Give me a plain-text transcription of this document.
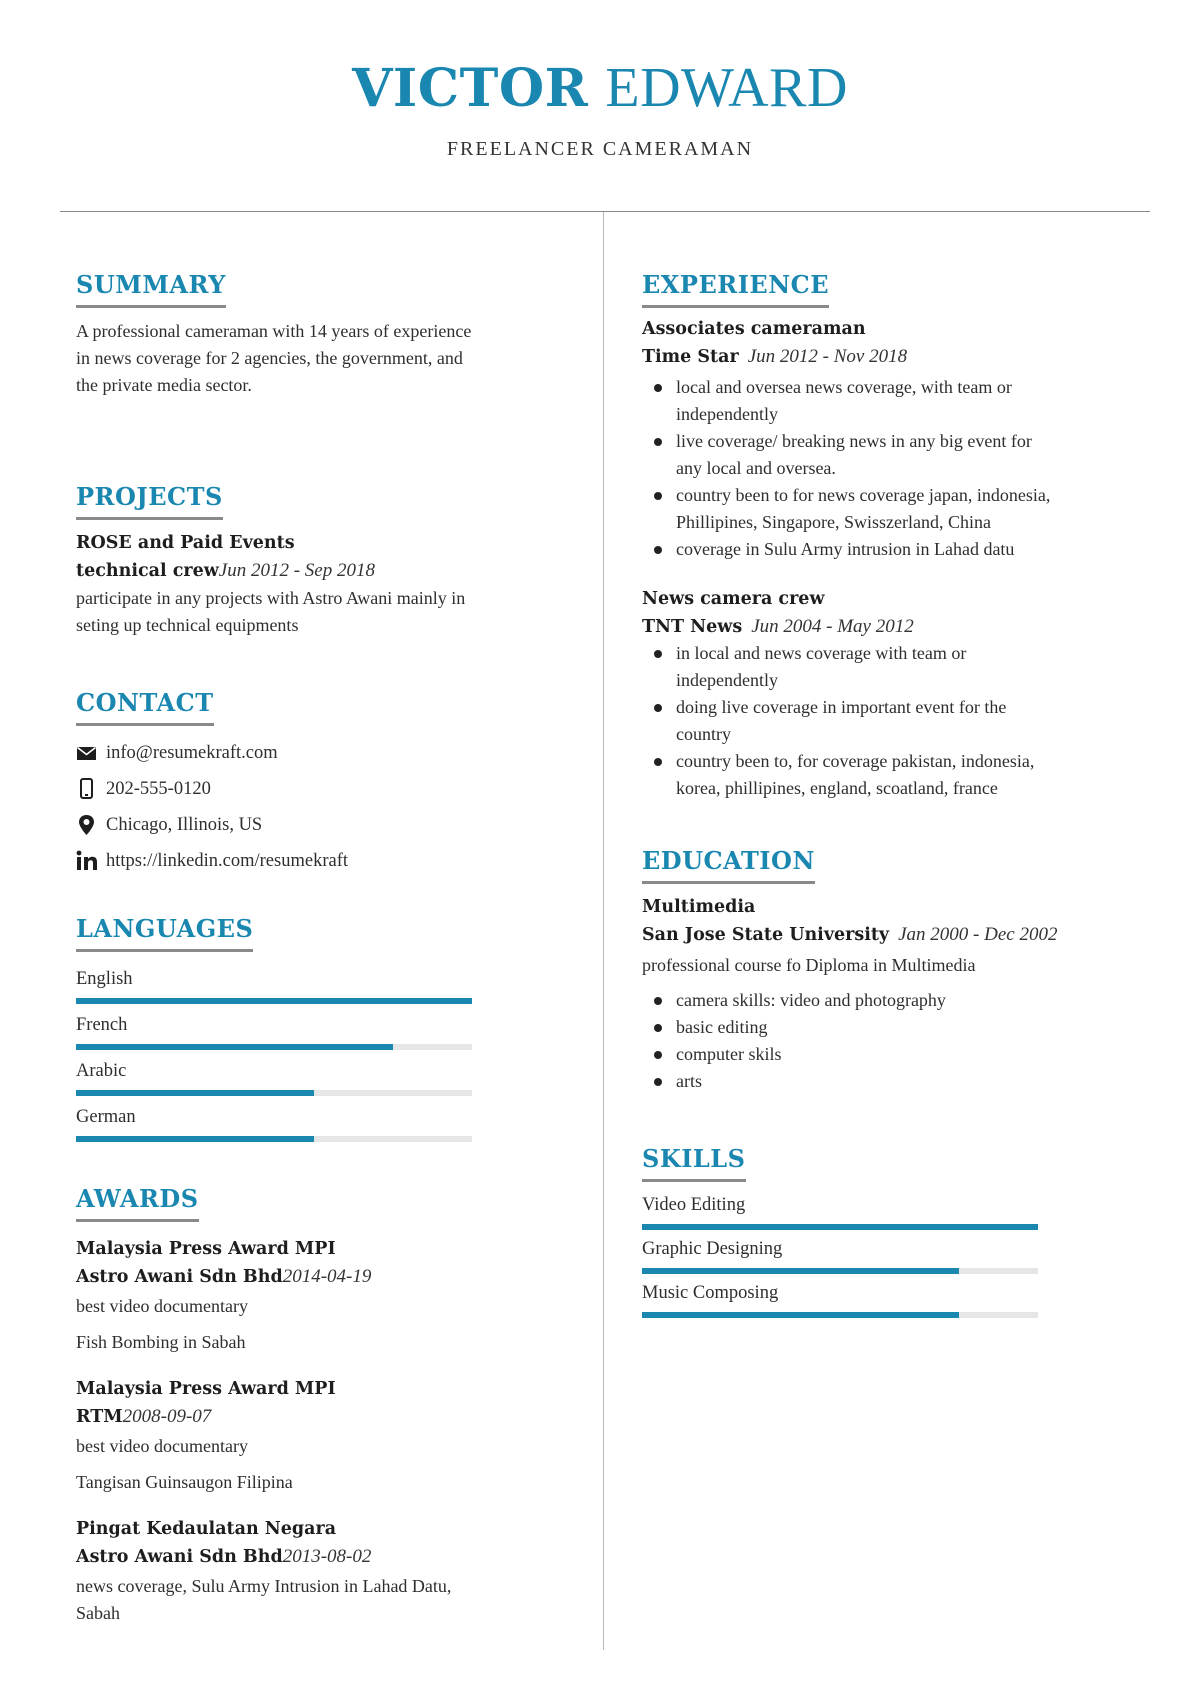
VICTOR EDWARD
FREELANCER CAMERAMAN
SUMMARY
A professional cameraman with 14 years of experience
in news coverage for 2 agencies, the government, and
the private media sector.
PROJECTS
ROSE and Paid Events
technical crewJun 2012 - Sep 2018
participate in any projects with Astro Awani mainly in
seting up technical equipments
CONTACT
info@resumekraft.com
202-555-0120
Chicago, Illinois, US
https://linkedin.com/resumekraft
LANGUAGES
English
French
Arabic
German
AWARDS
Malaysia Press Award MPI
Astro Awani Sdn Bhd2014-04-19
best video documentary
Fish Bombing in Sabah
Malaysia Press Award MPI
RTM2008-09-07
best video documentary
Tangisan Guinsaugon Filipina
Pingat Kedaulatan Negara
Astro Awani Sdn Bhd2013-08-02
news coverage, Sulu Army Intrusion in Lahad Datu,
Sabah
EXPERIENCE
Associates cameraman
Time Star Jun 2012 - Nov 2018
local and oversea news coverage, with team or
independently
live coverage/ breaking news in any big event for
any local and oversea.
country been to for news coverage japan, indonesia,
Phillipines, Singapore, Swisszerland, China
coverage in Sulu Army intrusion in Lahad datu
News camera crew
TNT News Jun 2004 - May 2012
in local and news coverage with team or
independently
doing live coverage in important event for the
country
country been to, for coverage pakistan, indonesia,
korea, phillipines, england, scoatland, france
EDUCATION
Multimedia
San Jose State University Jan 2000 - Dec 2002
professional course fo Diploma in Multimedia
camera skills: video and photography
basic editing
computer skils
arts
SKILLS
Video Editing
Graphic Designing
Music Composing
